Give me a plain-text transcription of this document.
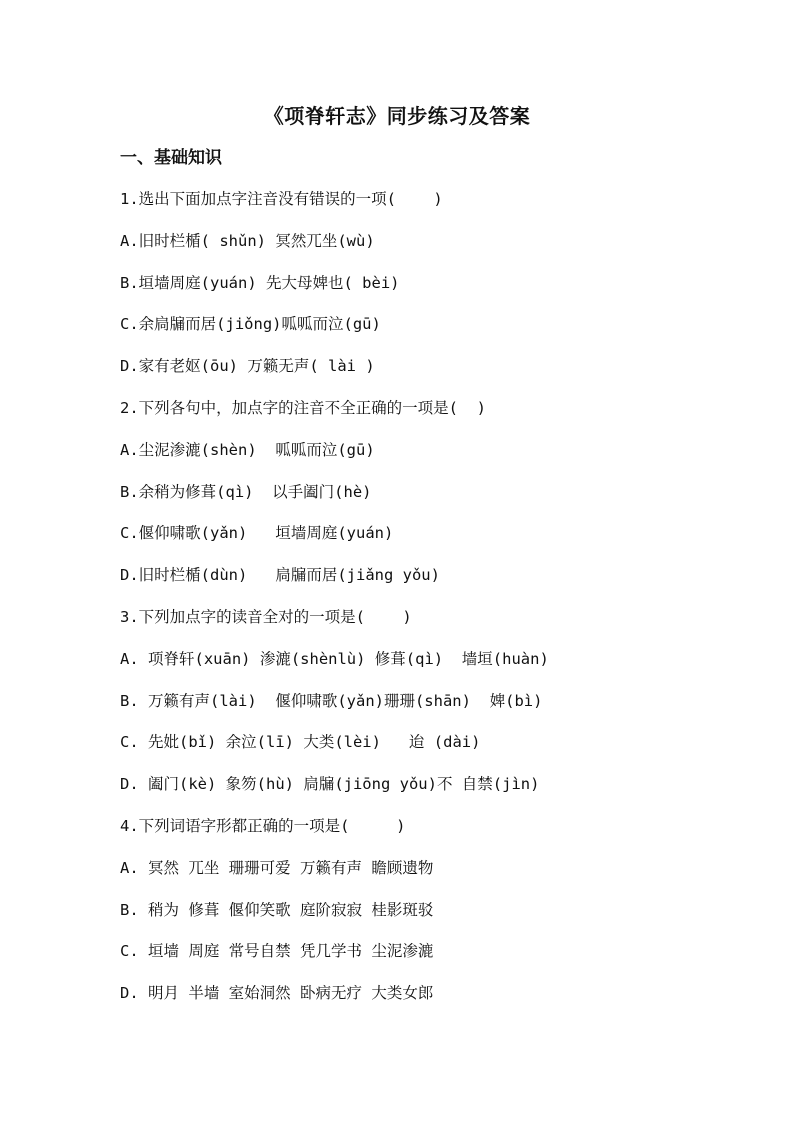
《项脊轩志》同步练习及答案
一、基础知识
1.选出下面加点字注音没有错误的一项(    )
A.旧时栏楯( shǔn) 冥然兀坐(wù)
B.垣墙周庭(yuán) 先大母婢也( bèi)
C.余扃牖而居(jiǒng)呱呱而泣(gū)
D.家有老妪(ōu) 万籁无声( lài )
2.下列各句中，加点字的注音不全正确的一项是(  )
A.尘泥渗漉(shèn)  呱呱而泣(gū)
B.余稍为修葺(qì)  以手阖门(hè)
C.偃仰啸歌(yǎn)   垣墙周庭(yuán)
D.旧时栏楯(dùn)   扃牖而居(jiǎng yǒu)
3.下列加点字的读音全对的一项是(    )
A. 项脊轩(xuān) 渗漉(shènlù) 修葺(qì)  墙垣(huàn)
B. 万籁有声(lài)  偃仰啸歌(yǎn)珊珊(shān)  婢(bì)
C. 先妣(bǐ) 余泣(lī) 大类(lèi)   迨 (dài)
D. 阖门(kè) 象笏(hù) 扃牖(jiōng yǒu)不 自禁(jìn)
4.下列词语字形都正确的一项是(     )
A. 冥然 兀坐 珊珊可爱 万籁有声 瞻顾遗物
B. 稍为 修葺 偃仰笑歌 庭阶寂寂 桂影斑驳
C. 垣墙 周庭 常号自禁 凭几学书 尘泥渗漉
D. 明月 半墙 室始洞然 卧病无疗 大类女郎
